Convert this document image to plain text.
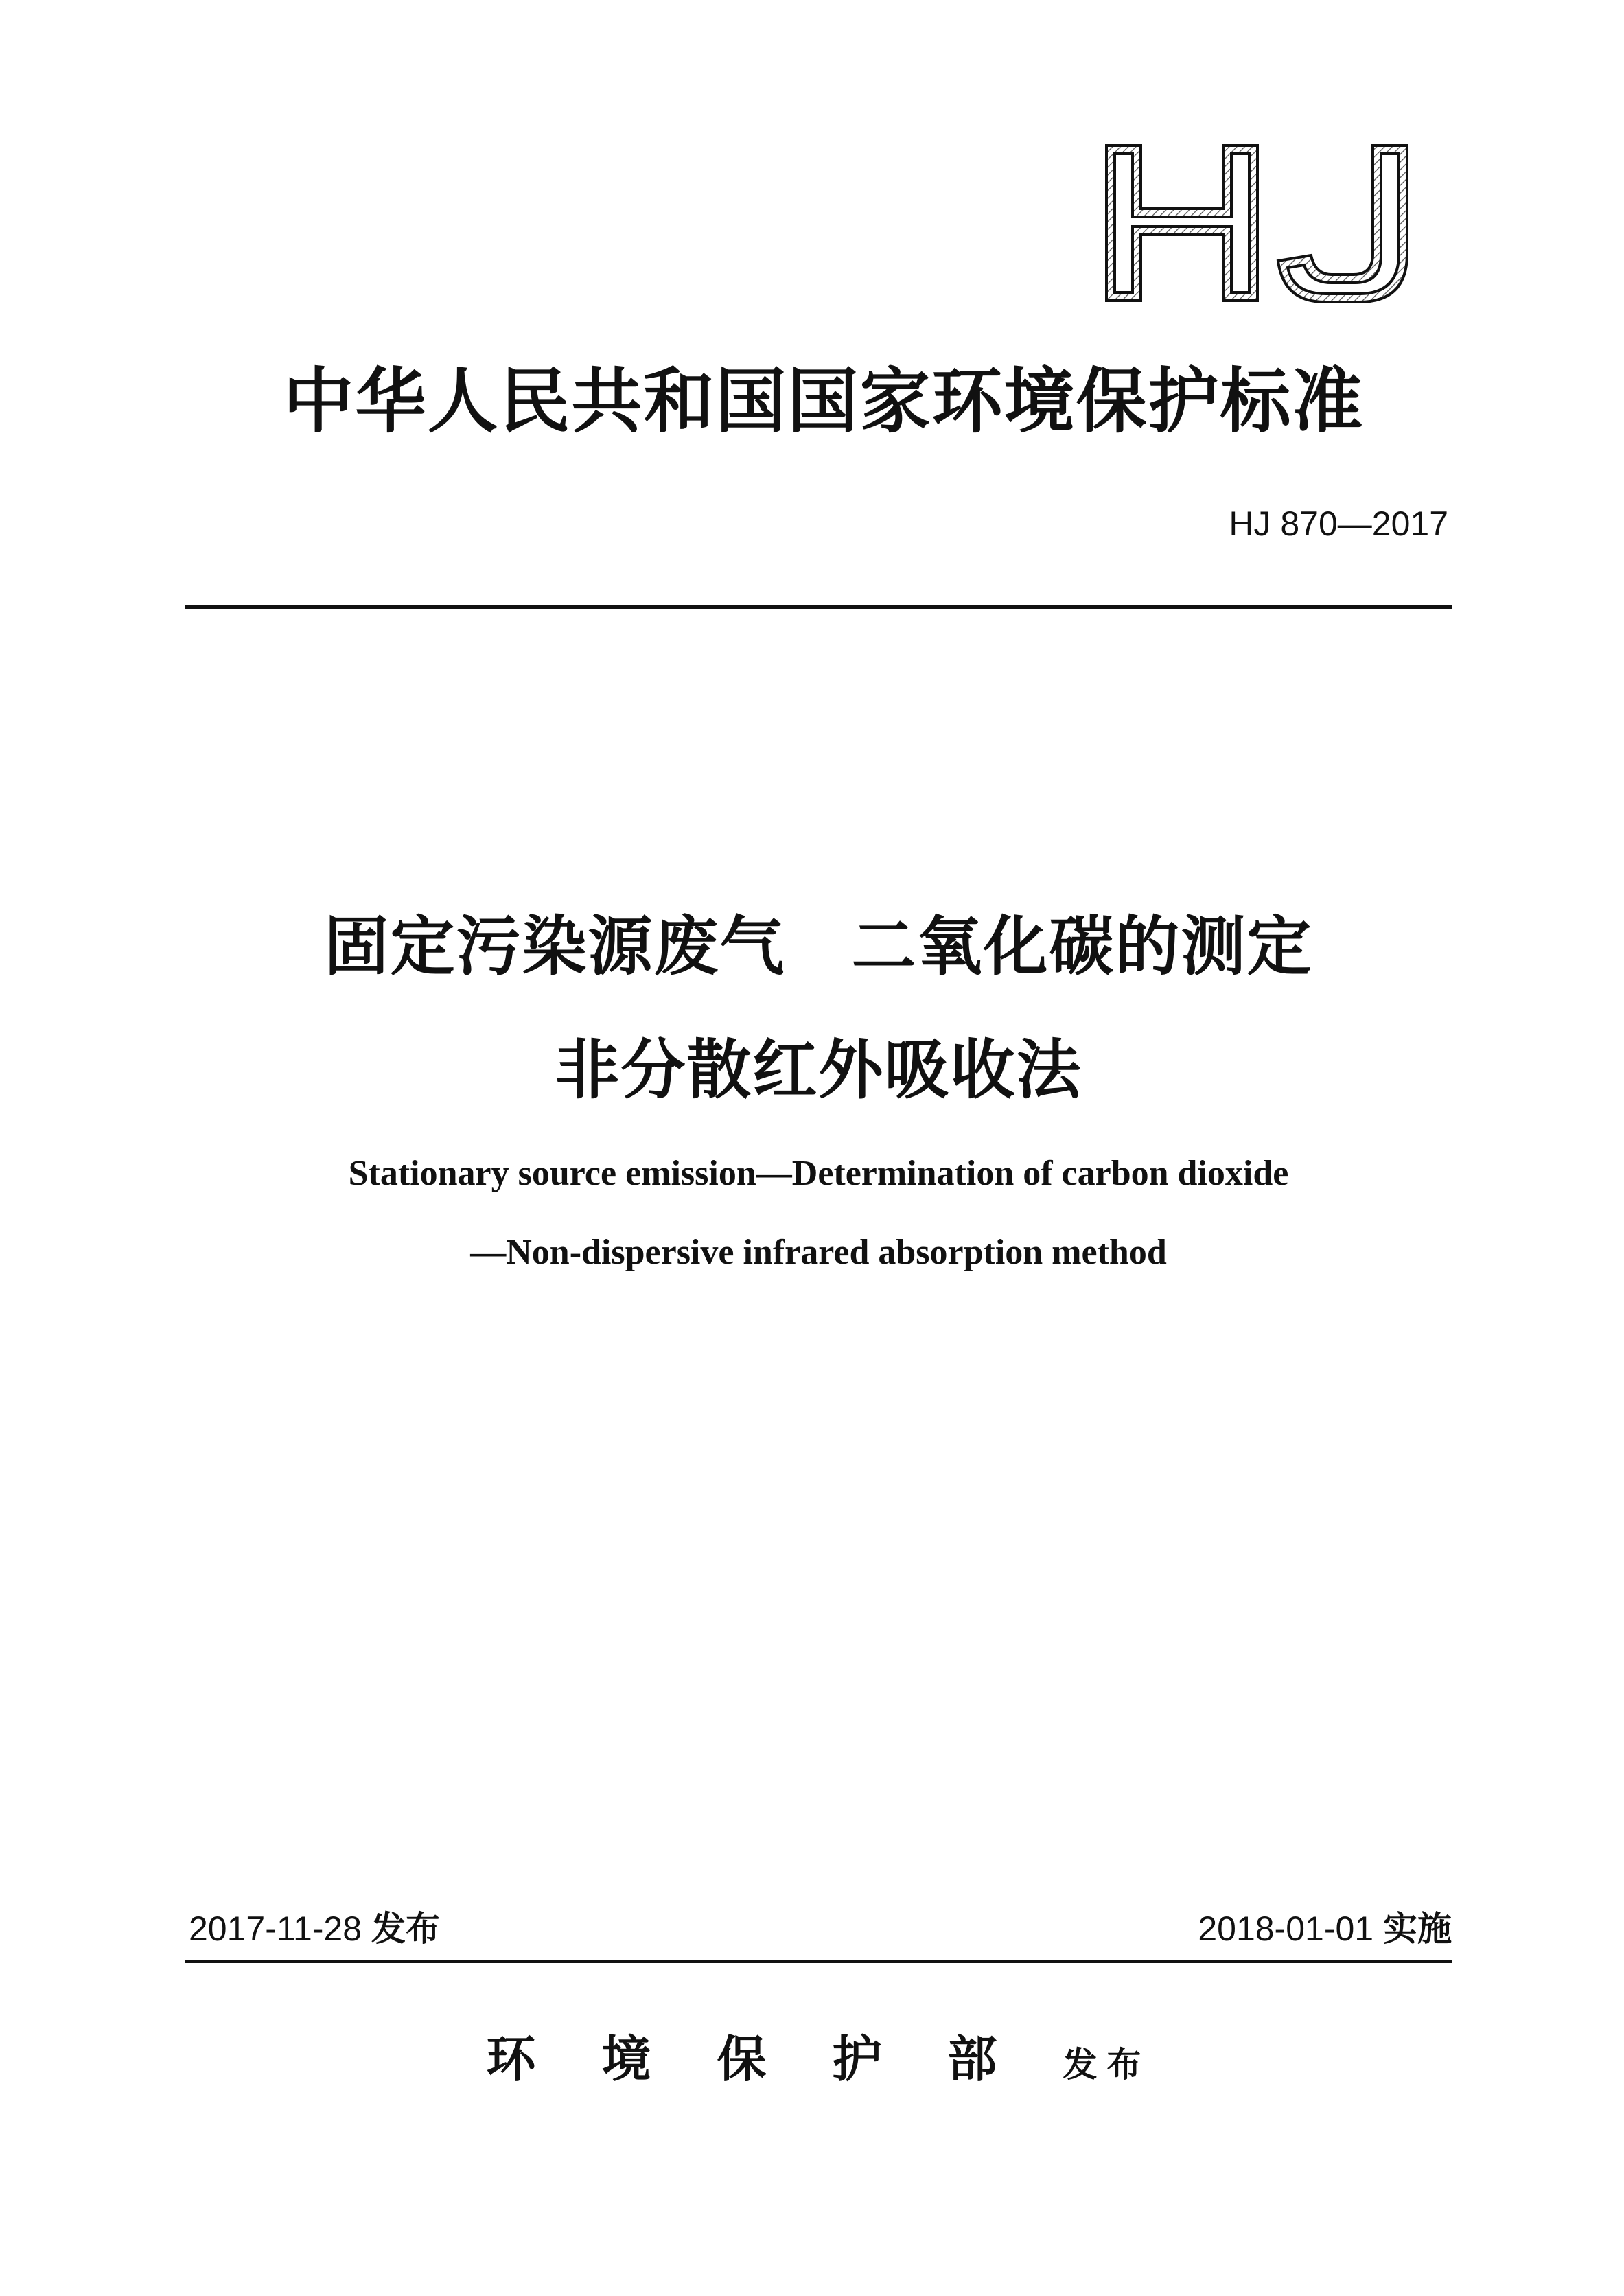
中华人民共和国国家环境保护标准
HJ 870—2017
固定污染源废气　二氧化碳的测定
非分散红外吸收法
Stationary source emission—Determination of carbon dioxide
—Non-dispersive infrared absorption method
2017-11-28 发布	2018-01-01 实施
环境保护部发布
